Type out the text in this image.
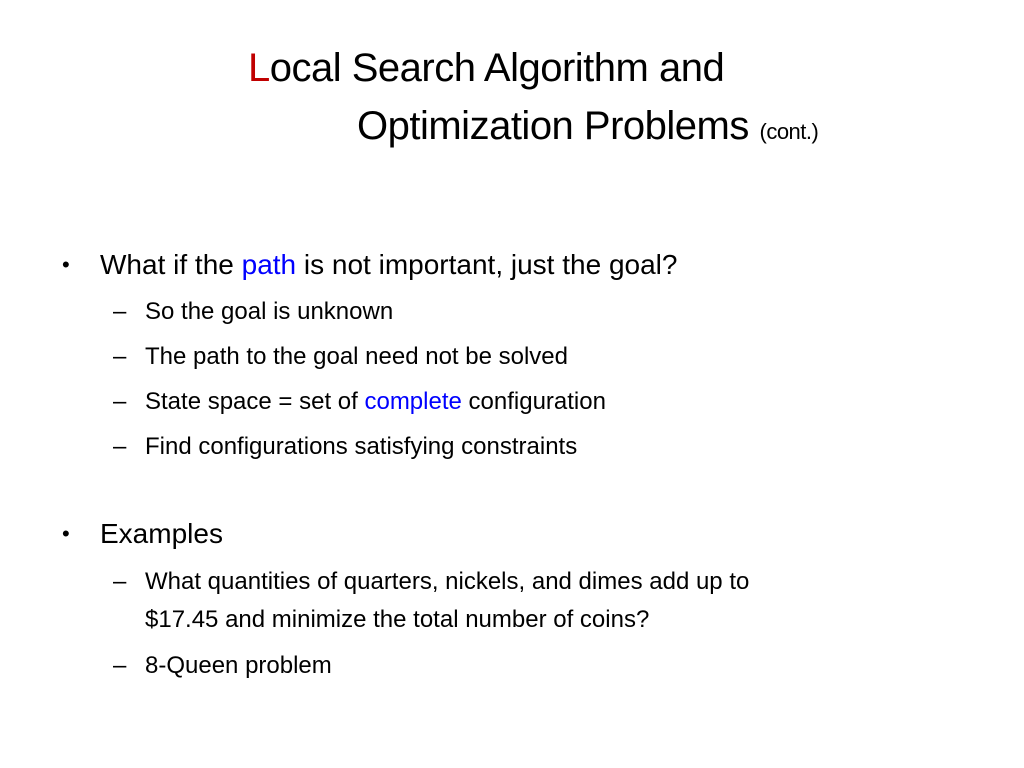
Local Search Algorithm and
Optimization Problems (cont.)
• What if the path is not important, just the goal?
– So the goal is unknown
– The path to the goal need not be solved
– State space = set of complete configuration
– Find configurations satisfying constraints
• Examples
– What quantities of quarters, nickels, and dimes add up to
$17.45 and minimize the total number of coins?
– 8-Queen problem
